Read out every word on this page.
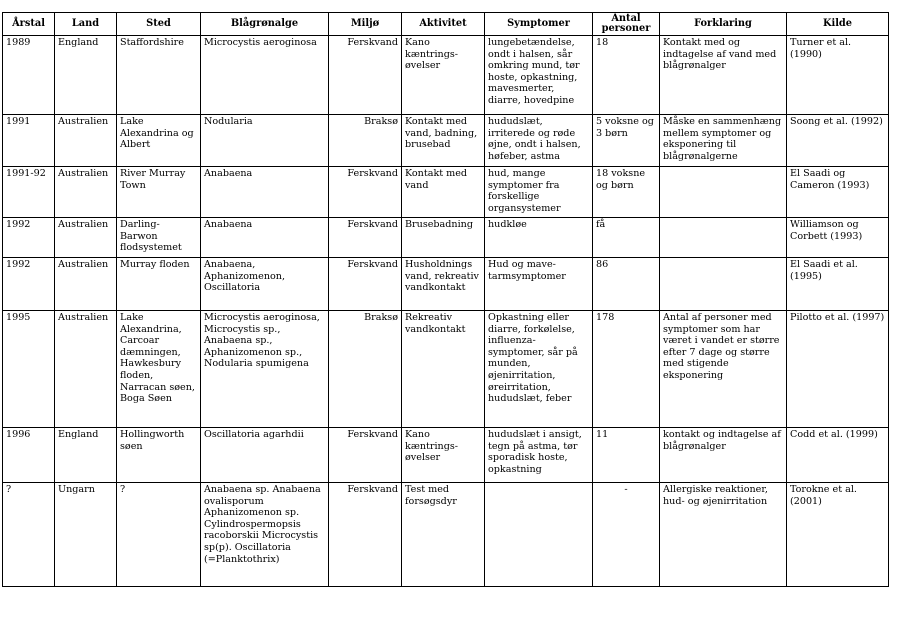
Årstal	Land	Sted	Blågrønalge	Miljø	Aktivitet	Symptomer	Antal personer	Forklaring	Kilde
1989	England	Staffordshire	Microcystis aeroginosa	Ferskvand	Kano kæntrings-øvelser	lungebetændelse, ondt i halsen, sår omkring mund, tør hoste, opkastning, mavesmerter, diarre, hovedpine	18	Kontakt med og indtagelse af vand med blågrønalger	Turner et al. (1990)
1991	Australien	Lake Alexandrina og Albert	Nodularia	Braksø	Kontakt med vand, badning, brusebad	hududslæt, irriterede og røde øjne, ondt i halsen, høfeber, astma	5 voksne og 3 børn	Måske en sammenhæng mellem symptomer og eksponering til blågrønalgerne	Soong et al. (1992)
1991-92	Australien	River Murray Town	Anabaena	Ferskvand	Kontakt med vand	hud, mange symptomer fra forskellige organsystemer	18 voksne og børn		El Saadi og Cameron (1993)
1992	Australien	Darling-Barwon flodsystemet	Anabaena	Ferskvand	Brusebadning	hudkløe	få		Williamson og Corbett (1993)
1992	Australien	Murray floden	Anabaena, Aphanizomenon, Oscillatoria	Ferskvand	Husholdnings vand, rekreativ vandkontakt	Hud og mave-tarmsymptomer	86		El Saadi et al. (1995)
1995	Australien	Lake Alexandrina, Carcoar dæmningen, Hawkesbury floden, Narracan søen, Boga Søen	Microcystis aeroginosa, Microcystis sp., Anabaena sp., Aphanizomenon sp., Nodularia spumigena	Braksø	Rekreativ vandkontakt	Opkastning eller diarre, forkølelse, influenza-symptomer, sår på munden, øjenirritation, øreirritation, hududslæt, feber	178	Antal af personer med symptomer som har været i vandet er større efter 7 dage og større med stigende eksponering	Pilotto et al. (1997)
1996	England	Hollingworth søen	Oscillatoria agarhdii	Ferskvand	Kano kæntrings-øvelser	hududslæt i ansigt, tegn på astma, tør sporadisk hoste, opkastning	11	kontakt og indtagelse af blågrønalger	Codd et al. (1999)
?	Ungarn	?	Anabaena sp. Anabaena ovalisporum Aphanizomenon sp. Cylindrospermopsis racoborskii Microcystis sp(p). Oscillatoria (=Planktothrix)	Ferskvand	Test med forsøgsdyr		-	Allergiske reaktioner, hud- og øjenirritation	Torokne et al. (2001)
